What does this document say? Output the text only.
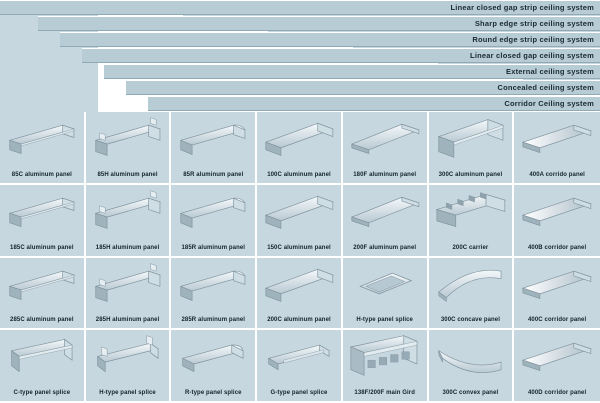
Linear closed gap strip ceiling system
Sharp edge strip ceiling system
Round edge strip ceiling system
Linear closed gap ceiling system
External ceiling system
Concealed ceiling system
Corridor Ceiling system
85C aluminum panel	85H aluminum panel	85R aluminum panel	100C aluminum panel	180F aluminum panel	300C aluminum panel	400A corrido panel
185C aluminum panel	185H aluminum panel	185R aluminum panel	150C aluminum panel	200F aluminum panel	200C carrier	400B corridor panel
285C aluminum panel	285H aluminum panel	285R aluminum panel	200C aluminum panel	H-type panel splice	300C concave panel	400C corridor panel
C-type panel splice	H-type panel splice	R-type panel splice	G-type panel splice	138F/200F main Gird	300C convex panel	400D corridor panel
